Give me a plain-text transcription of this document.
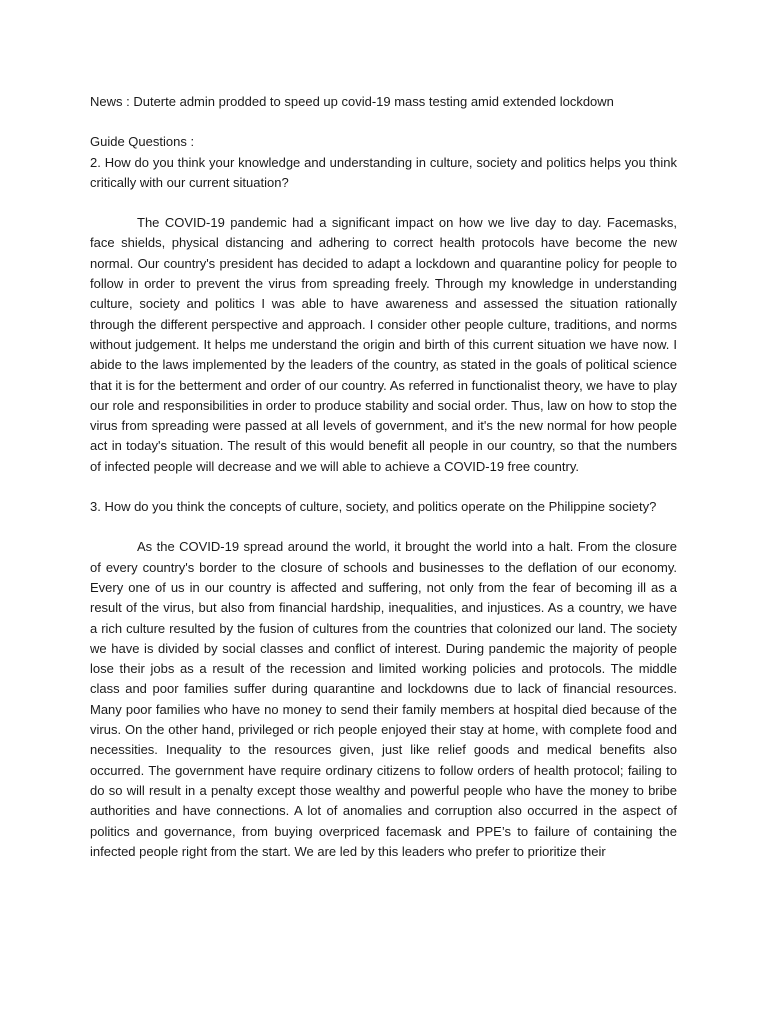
News : Duterte admin prodded to speed up covid-19 mass testing amid extended lockdown

Guide Questions :

2. How do you think your knowledge and understanding in culture, society and politics helps you think critically with our current situation?

The COVID-19 pandemic had a significant impact on how we live day to day. Facemasks, face shields, physical distancing and adhering to correct health protocols have become the new normal. Our country's president has decided to adapt a lockdown and quarantine policy for people to follow in order to prevent the virus from spreading freely. Through my knowledge in understanding culture, society and politics I was able to have awareness and assessed the situation rationally through the different perspective and approach. I consider other people culture, traditions, and norms without judgement. It helps me understand the origin and birth of this current situation we have now. I abide to the laws implemented by the leaders of the country, as stated in the goals of political science that it is for the betterment and order of our country. As referred in functionalist theory, we have to play our role and responsibilities in order to produce stability and social order. Thus, law on how to stop the virus from spreading were passed at all levels of government, and it's the new normal for how people act in today's situation. The result of this would benefit all people in our country, so that the numbers of infected people will decrease and we will able to achieve a COVID-19 free country.

3. How do you think the concepts of culture, society, and politics operate on the Philippine society?

As the COVID-19 spread around the world, it brought the world into a halt. From the closure of every country's border to the closure of schools and businesses to the deflation of our economy. Every one of us in our country is affected and suffering, not only from the fear of becoming ill as a result of the virus, but also from financial hardship, inequalities, and injustices. As a country, we have a rich culture resulted by the fusion of cultures from the countries that colonized our land. The society we have is divided by social classes and conflict of interest. During pandemic the majority of people lose their jobs as a result of the recession and limited working policies and protocols. The middle class and poor families suffer during quarantine and lockdowns due to lack of financial resources. Many poor families who have no money to send their family members at hospital died because of the virus. On the other hand, privileged or rich people enjoyed their stay at home, with complete food and necessities. Inequality to the resources given, just like relief goods and medical benefits also occurred. The government have require ordinary citizens to follow orders of health protocol; failing to do so will result in a penalty except those wealthy and powerful people who have the money to bribe authorities and have connections. A lot of anomalies and corruption also occurred in the aspect of politics and governance, from buying overpriced facemask and PPE’s to failure of containing the infected people right from the start. We are led by this leaders who prefer to prioritize their
